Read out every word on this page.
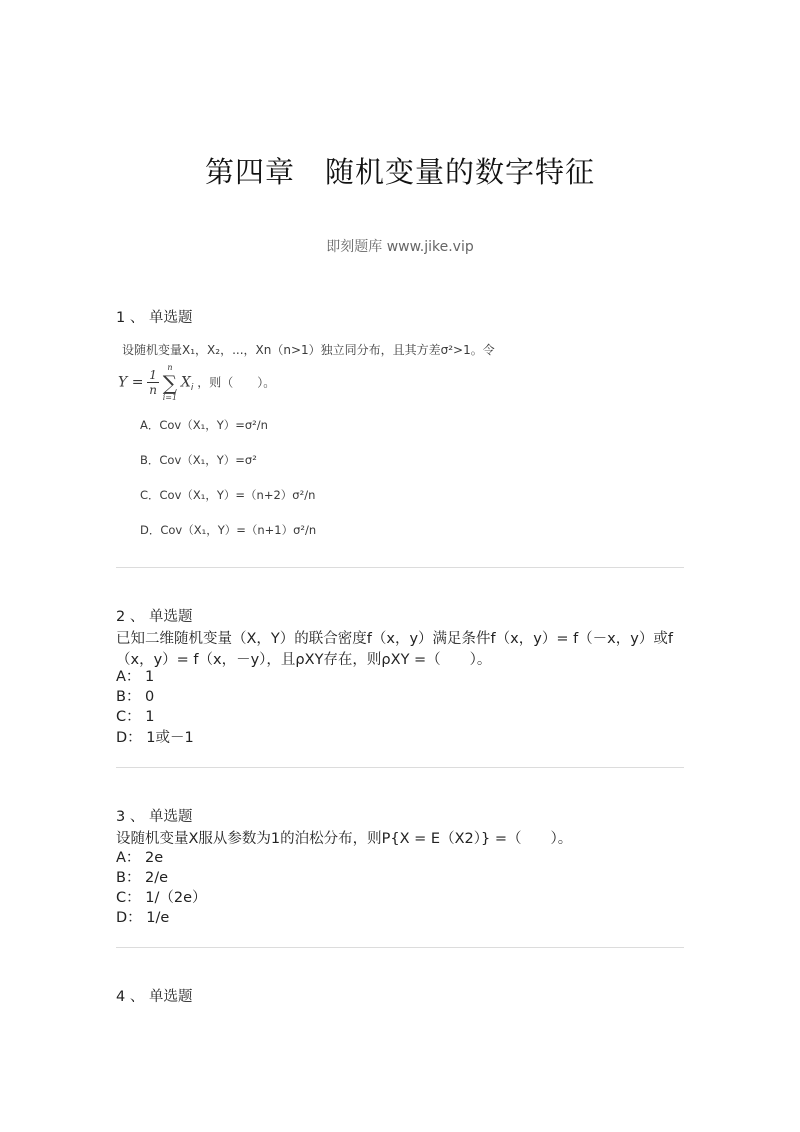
第四章　随机变量的数字特征
即刻题库 www.jike.vip
1 、 单选题
设随机变量X₁，X₂，...，Xn（n>1）独立同分布，且其方差σ²>1。令
$Y = \frac{1}{n}$

n
∑
i=1
$X_i$ ，则（　　）。
A．Cov（X₁，Y）=σ²/n
B．Cov（X₁，Y）=σ²
C．Cov（X₁，Y）=（n+2）σ²/n
D．Cov（X₁，Y）=（n+1）σ²/n
2 、 单选题
已知二维随机变量（X，Y）的联合密度f（x，y）满足条件f（x，y）= f（－x，y）或f（x，y）= f（x，－y），且ρXY存在，则ρXY =（　　）。
A： 1
B： 0
C： 1
D： 1或－1
3 、 单选题
设随机变量X服从参数为1的泊松分布，则P{X = E（X2）} =（　　）。
A： 2e
B： 2/e
C： 1/（2e）
D： 1/e
4 、 单选题
